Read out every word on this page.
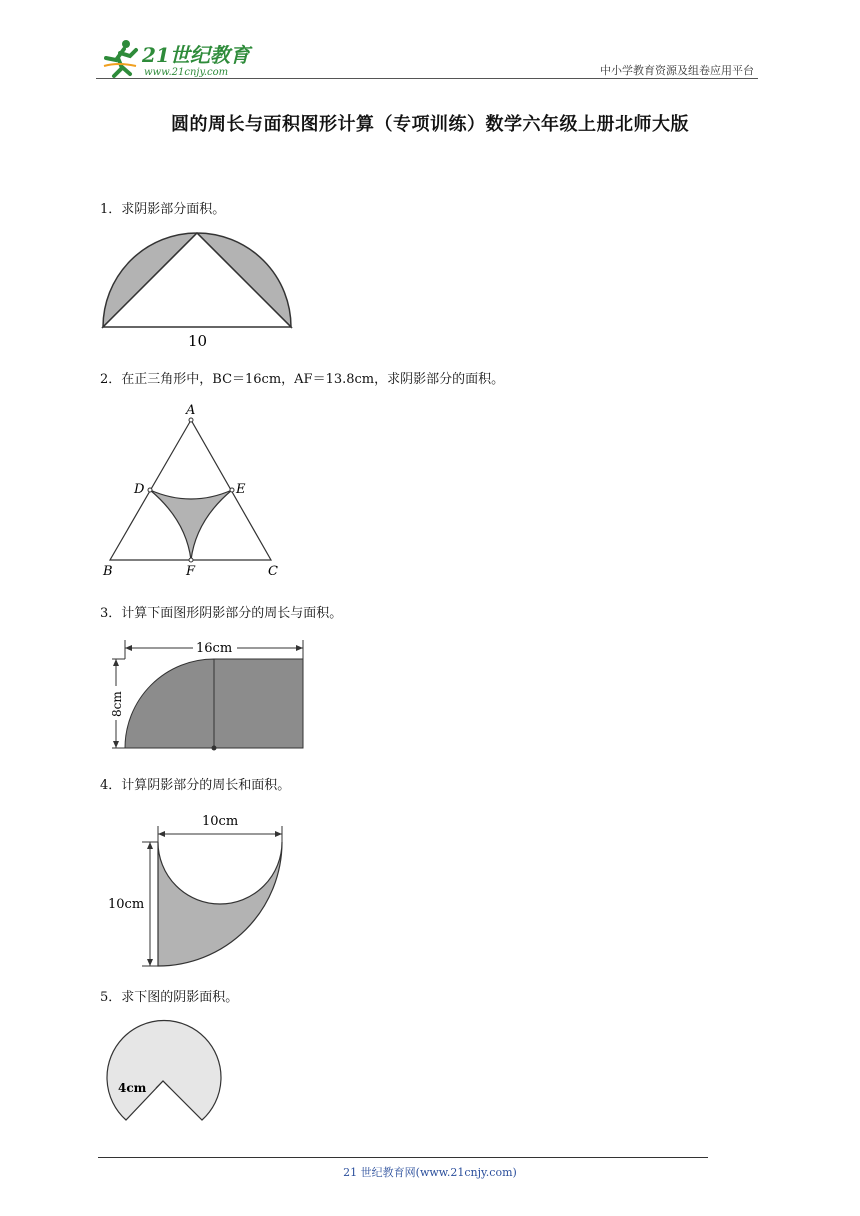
21世纪教育
www.21cnjy.com	中小学教育资源及组卷应用平台
圆的周长与面积图形计算（专项训练）数学六年级上册北师大版
1．求阴影部分面积。
10
2．在正三角形中，BC＝16cm，AF＝13.8cm，求阴影部分的面积。
A
D	E
B	F	C
3．计算下面图形阴影部分的周长与面积。
16cm
8cm
4．计算阴影部分的周长和面积。
10cm
10cm
5．求下图的阴影面积。
4cm
21 世纪教育网(www.21cnjy.com)
